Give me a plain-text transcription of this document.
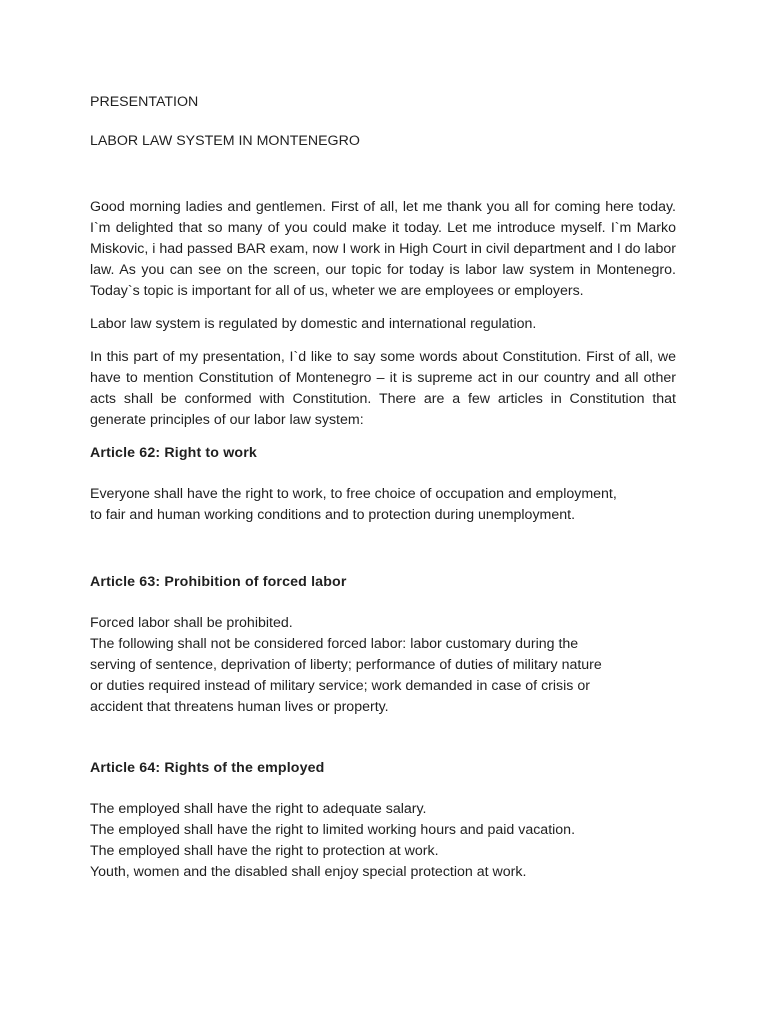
PRESENTATION
LABOR LAW SYSTEM IN MONTENEGRO

Good morning ladies and gentlemen. First of all, let me thank you all for coming here today. I`m delighted that so many of you could make it today. Let me introduce myself. I`m Marko Miskovic, i had passed BAR exam, now I work in High Court in civil department and I do labor law. As you can see on the screen, our topic for today is labor law system in Montenegro. Today`s topic is important for all of us, wheter we are employees or employers.

Labor law system is regulated by domestic and international regulation.

In this part of my presentation, I`d like to say some words about Constitution. First of all, we have to mention Constitution of Montenegro – it is supreme act in our country and all other acts shall be conformed with Constitution. There are a few articles in Constitution that generate principles of our labor law system:

Article 62: Right to work
Everyone shall have the right to work, to free choice of occupation and employment,
to fair and human working conditions and to protection during unemployment.
Article 63: Prohibition of forced labor
Forced labor shall be prohibited.
The following shall not be considered forced labor: labor customary during the
serving of sentence, deprivation of liberty; performance of duties of military nature
or duties required instead of military service; work demanded in case of crisis or
accident that threatens human lives or property.
Article 64: Rights of the employed
The employed shall have the right to adequate salary.
The employed shall have the right to limited working hours and paid vacation.
The employed shall have the right to protection at work.
Youth, women and the disabled shall enjoy special protection at work.
